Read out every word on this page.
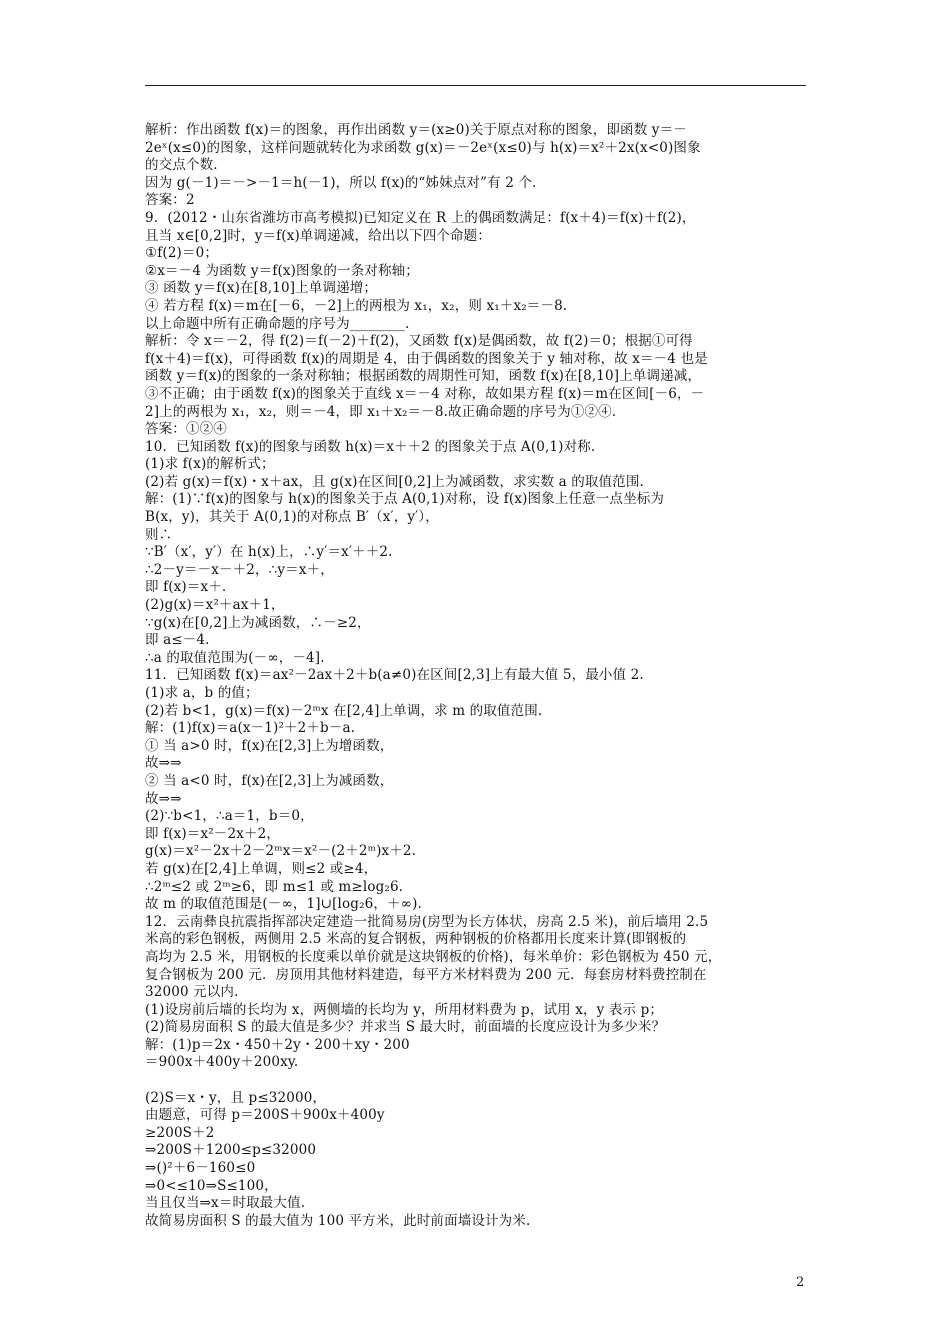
解析：作出函数 f(x)＝的图象，再作出函数 y＝(x≥0)关于原点对称的图象，即函数 y＝－
2eˣ(x≤0)的图象，这样问题就转化为求函数 g(x)＝－2eˣ(x≤0)与 h(x)＝x²＋2x(x<0)图象
的交点个数.
因为 g(－1)＝－>－1＝h(－1)，所以 f(x)的“姊妹点对”有 2 个.
答案：2
9．(2012・山东省潍坊市高考模拟)已知定义在 R 上的偶函数满足：f(x＋4)＝f(x)＋f(2)，
且当 x∈[0,2]时，y＝f(x)单调递减，给出以下四个命题：
①f(2)＝0；
②x＝－4 为函数 y＝f(x)图象的一条对称轴；
③ 函数 y＝f(x)在[8,10]上单调递增；
④ 若方程 f(x)＝m在[－6，－2]上的两根为 x₁，x₂，则 x₁＋x₂＝－8.
以上命题中所有正确命题的序号为________.
解析：令 x＝－2，得 f(2)＝f(－2)＋f(2)，又函数 f(x)是偶函数，故 f(2)＝0；根据①可得
f(x＋4)＝f(x)，可得函数 f(x)的周期是 4，由于偶函数的图象关于 y 轴对称，故 x＝－4 也是
函数 y＝f(x)的图象的一条对称轴；根据函数的周期性可知，函数 f(x)在[8,10]上单调递减，
③不正确；由于函数 f(x)的图象关于直线 x＝－4 对称，故如果方程 f(x)＝m在区间[－6，－
2]上的两根为 x₁，x₂，则＝－4，即 x₁＋x₂＝－8.故正确命题的序号为①②④.
答案：①②④
10．已知函数 f(x)的图象与函数 h(x)＝x＋＋2 的图象关于点 A(0,1)对称.
(1)求 f(x)的解析式；
(2)若 g(x)＝f(x)・x＋ax，且 g(x)在区间[0,2]上为减函数，求实数 a 的取值范围.
解：(1)∵f(x)的图象与 h(x)的图象关于点 A(0,1)对称，设 f(x)图象上任意一点坐标为
B(x，y)，其关于 A(0,1)的对称点 B′（x′，y′），
则∴
∵B′（x′，y′）在 h(x)上，∴y′＝x′＋＋2.
∴2－y＝－x－＋2，∴y＝x＋，
即 f(x)＝x＋.
(2)g(x)＝x²＋ax＋1，
∵g(x)在[0,2]上为减函数，∴－≥2，
即 a≤－4.
∴a 的取值范围为(－∞，－4].
11．已知函数 f(x)＝ax²－2ax＋2＋b(a≠0)在区间[2,3]上有最大值 5，最小值 2.
(1)求 a，b 的值；
(2)若 b<1，g(x)＝f(x)－2ᵐx 在[2,4]上单调，求 m 的取值范围.
解：(1)f(x)＝a(x－1)²＋2＋b－a.
① 当 a>0 时，f(x)在[2,3]上为增函数，
故⇒⇒
② 当 a<0 时，f(x)在[2,3]上为减函数，
故⇒⇒
(2)∵b<1，∴a＝1，b＝0，
即 f(x)＝x²－2x＋2，
g(x)＝x²－2x＋2－2ᵐx＝x²－(2＋2ᵐ)x＋2.
若 g(x)在[2,4]上单调，则≤2 或≥4，
∴2ᵐ≤2 或 2ᵐ≥6，即 m≤1 或 m≥log₂6.
故 m 的取值范围是(－∞，1]∪[log₂6，＋∞).
12．云南彝良抗震指挥部决定建造一批简易房(房型为长方体状，房高 2.5 米)，前后墙用 2.5
米高的彩色钢板，两侧用 2.5 米高的复合钢板，两种钢板的价格都用长度来计算(即钢板的
高均为 2.5 米，用钢板的长度乘以单价就是这块钢板的价格)，每米单价：彩色钢板为 450 元，
复合钢板为 200 元．房顶用其他材料建造，每平方米材料费为 200 元．每套房材料费控制在
32000 元以内.
(1)设房前后墙的长均为 x，两侧墙的长均为 y，所用材料费为 p，试用 x，y 表示 p；
(2)简易房面积 S 的最大值是多少？并求当 S 最大时，前面墙的长度应设计为多少米？
解：(1)p＝2x・450＋2y・200＋xy・200
＝900x＋400y＋200xy.
(2)S＝x・y，且 p≤32000，
由题意，可得 p＝200S＋900x＋400y
≥200S＋2
⇒200S＋1200≤p≤32000
⇒()²＋6－160≤0
⇒0<≤10⇒S≤100，
当且仅当⇒x＝时取最大值.
故简易房面积 S 的最大值为 100 平方米，此时前面墙设计为米.
2
